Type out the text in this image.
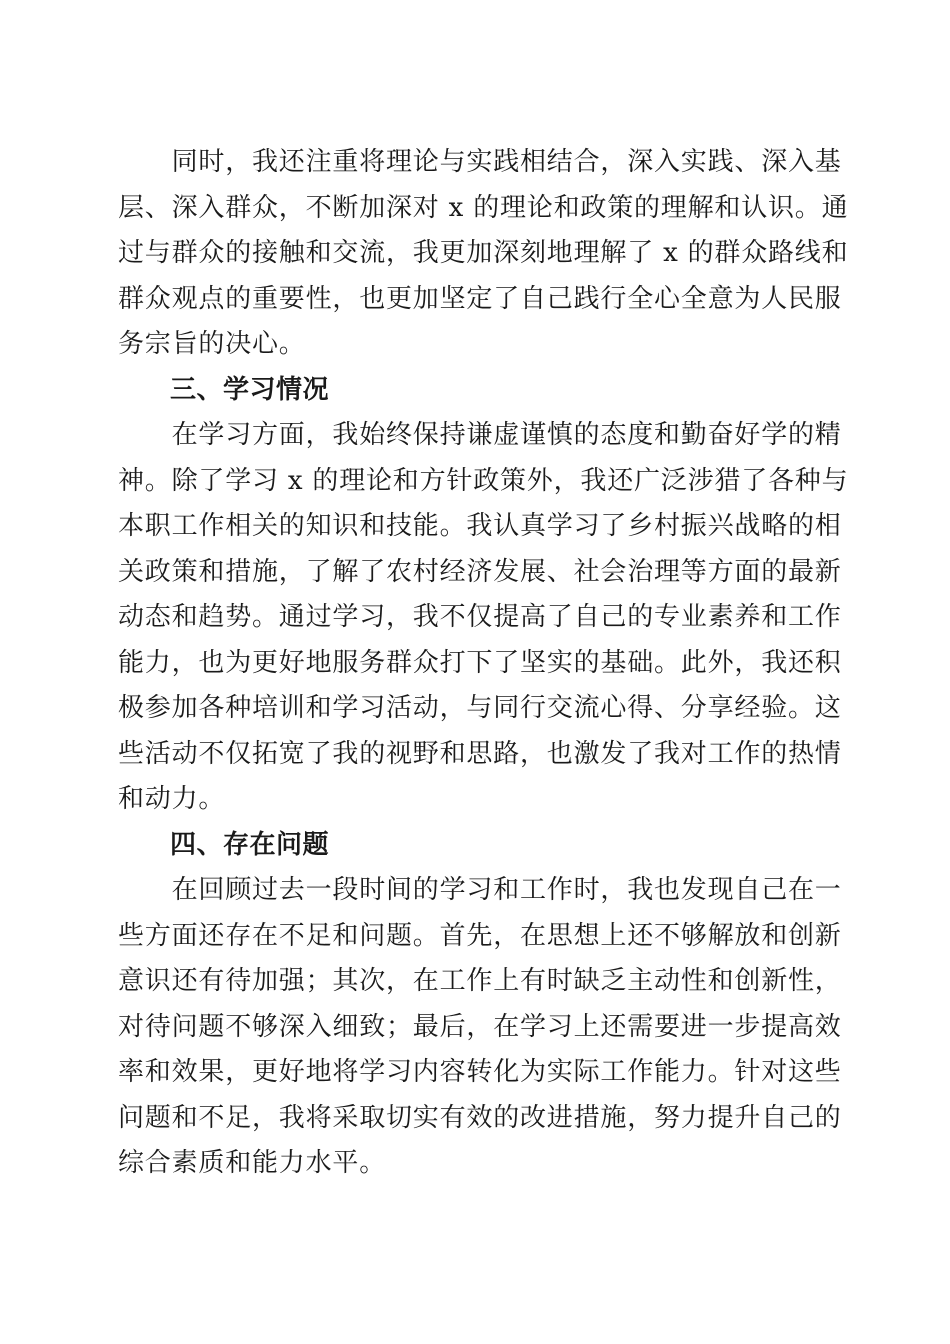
　　同时，我还注重将理论与实践相结合，深入实践、深入基
层、深入群众，不断加深对 x 的理论和政策的理解和认识。通
过与群众的接触和交流，我更加深刻地理解了 x 的群众路线和
群众观点的重要性，也更加坚定了自己践行全心全意为人民服
务宗旨的决心。
三、学习情况
　　在学习方面，我始终保持谦虚谨慎的态度和勤奋好学的精
神。除了学习 x 的理论和方针政策外，我还广泛涉猎了各种与
本职工作相关的知识和技能。我认真学习了乡村振兴战略的相
关政策和措施，了解了农村经济发展、社会治理等方面的最新
动态和趋势。通过学习，我不仅提高了自己的专业素养和工作
能力，也为更好地服务群众打下了坚实的基础。此外，我还积
极参加各种培训和学习活动，与同行交流心得、分享经验。这
些活动不仅拓宽了我的视野和思路，也激发了我对工作的热情
和动力。
四、存在问题
　　在回顾过去一段时间的学习和工作时，我也发现自己在一
些方面还存在不足和问题。首先，在思想上还不够解放和创新
意识还有待加强；其次，在工作上有时缺乏主动性和创新性，
对待问题不够深入细致；最后，在学习上还需要进一步提高效
率和效果，更好地将学习内容转化为实际工作能力。针对这些
问题和不足，我将采取切实有效的改进措施，努力提升自己的
综合素质和能力水平。
